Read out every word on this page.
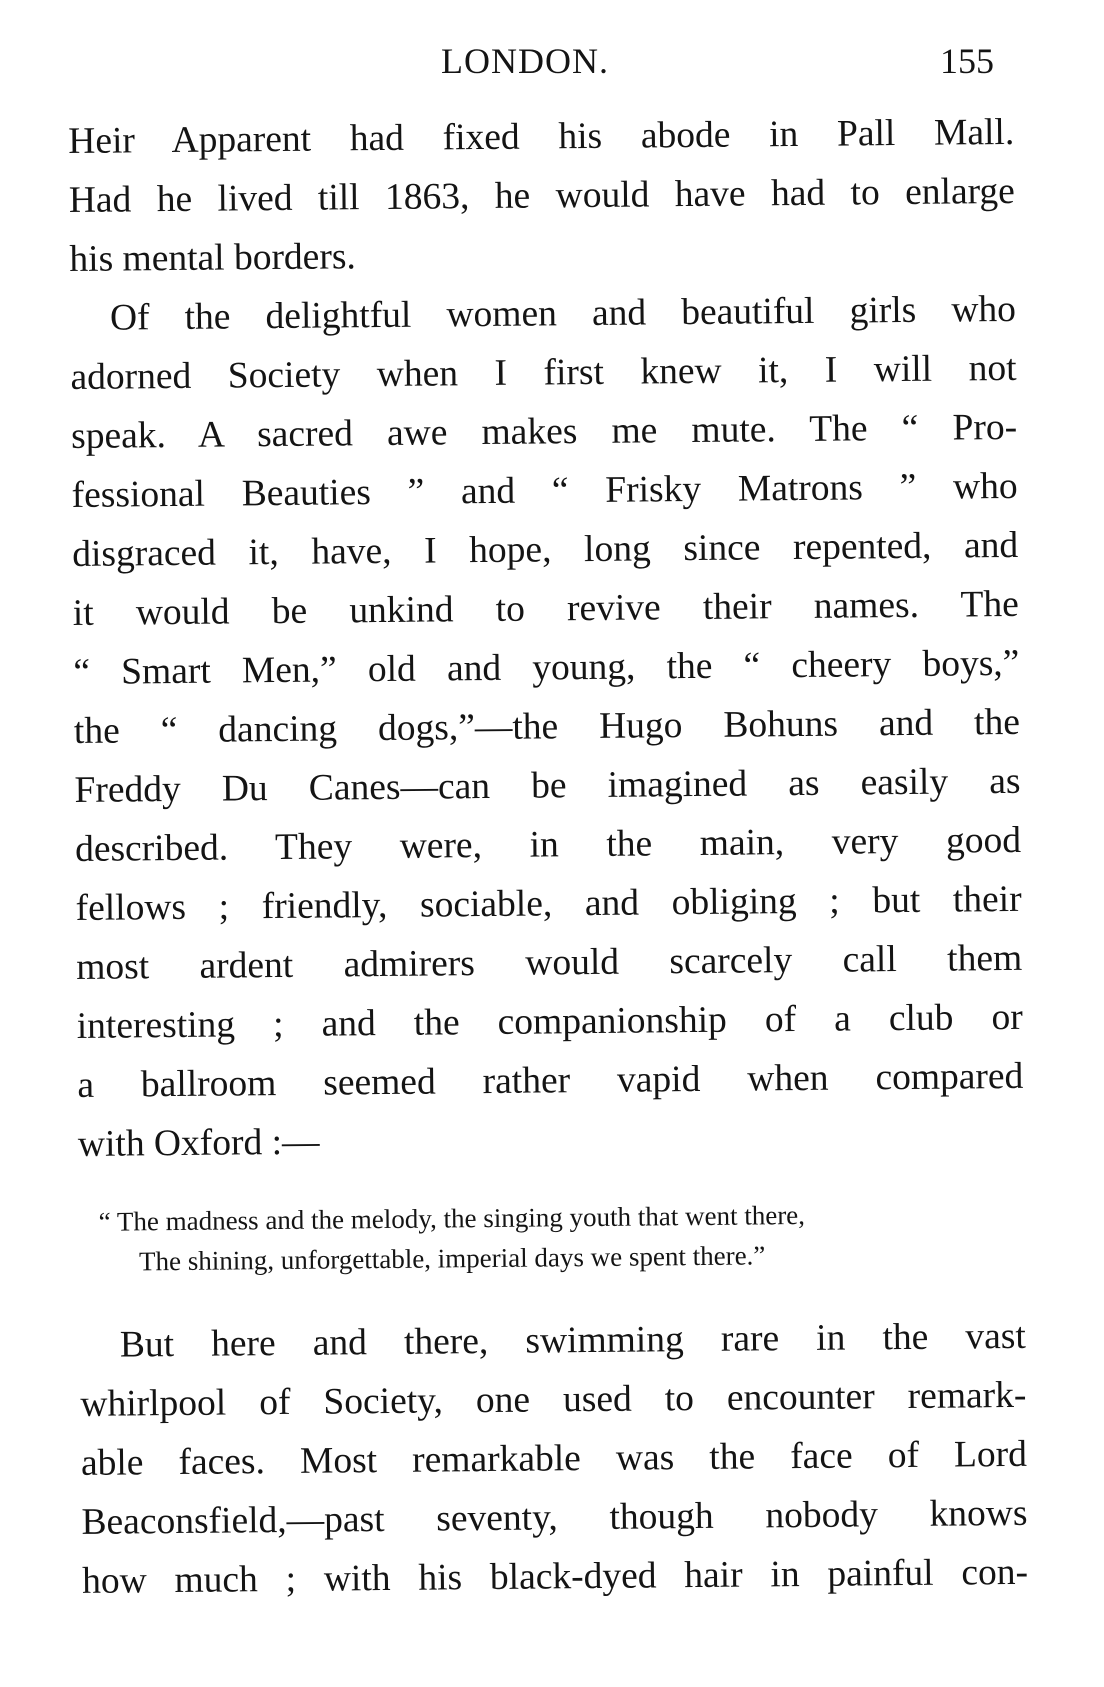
LONDON.	155
Heir Apparent had fixed his abode in Pall Mall.
Had he lived till 1863, he would have had to enlarge
his mental borders.
Of the delightful women and beautiful girls who
adorned Society when I first knew it, I will not
speak. A sacred awe makes me mute. The “ Pro-
fessional Beauties ” and “ Frisky Matrons ” who
disgraced it, have, I hope, long since repented, and
it would be unkind to revive their names. The
“ Smart Men,” old and young, the “ cheery boys,”
the “ dancing dogs,”—the Hugo Bohuns and the
Freddy Du Canes—can be imagined as easily as
described. They were, in the main, very good
fellows ; friendly, sociable, and obliging ; but their
most ardent admirers would scarcely call them
interesting ; and the companionship of a club or
a ballroom seemed rather vapid when compared
with Oxford :—
“ The madness and the melody, the singing youth that went there,
The shining, unforgettable, imperial days we spent there.”
But here and there, swimming rare in the vast
whirlpool of Society, one used to encounter remark-
able faces. Most remarkable was the face of Lord
Beaconsfield,—past seventy, though nobody knows
how much ; with his black-dyed hair in painful con-
